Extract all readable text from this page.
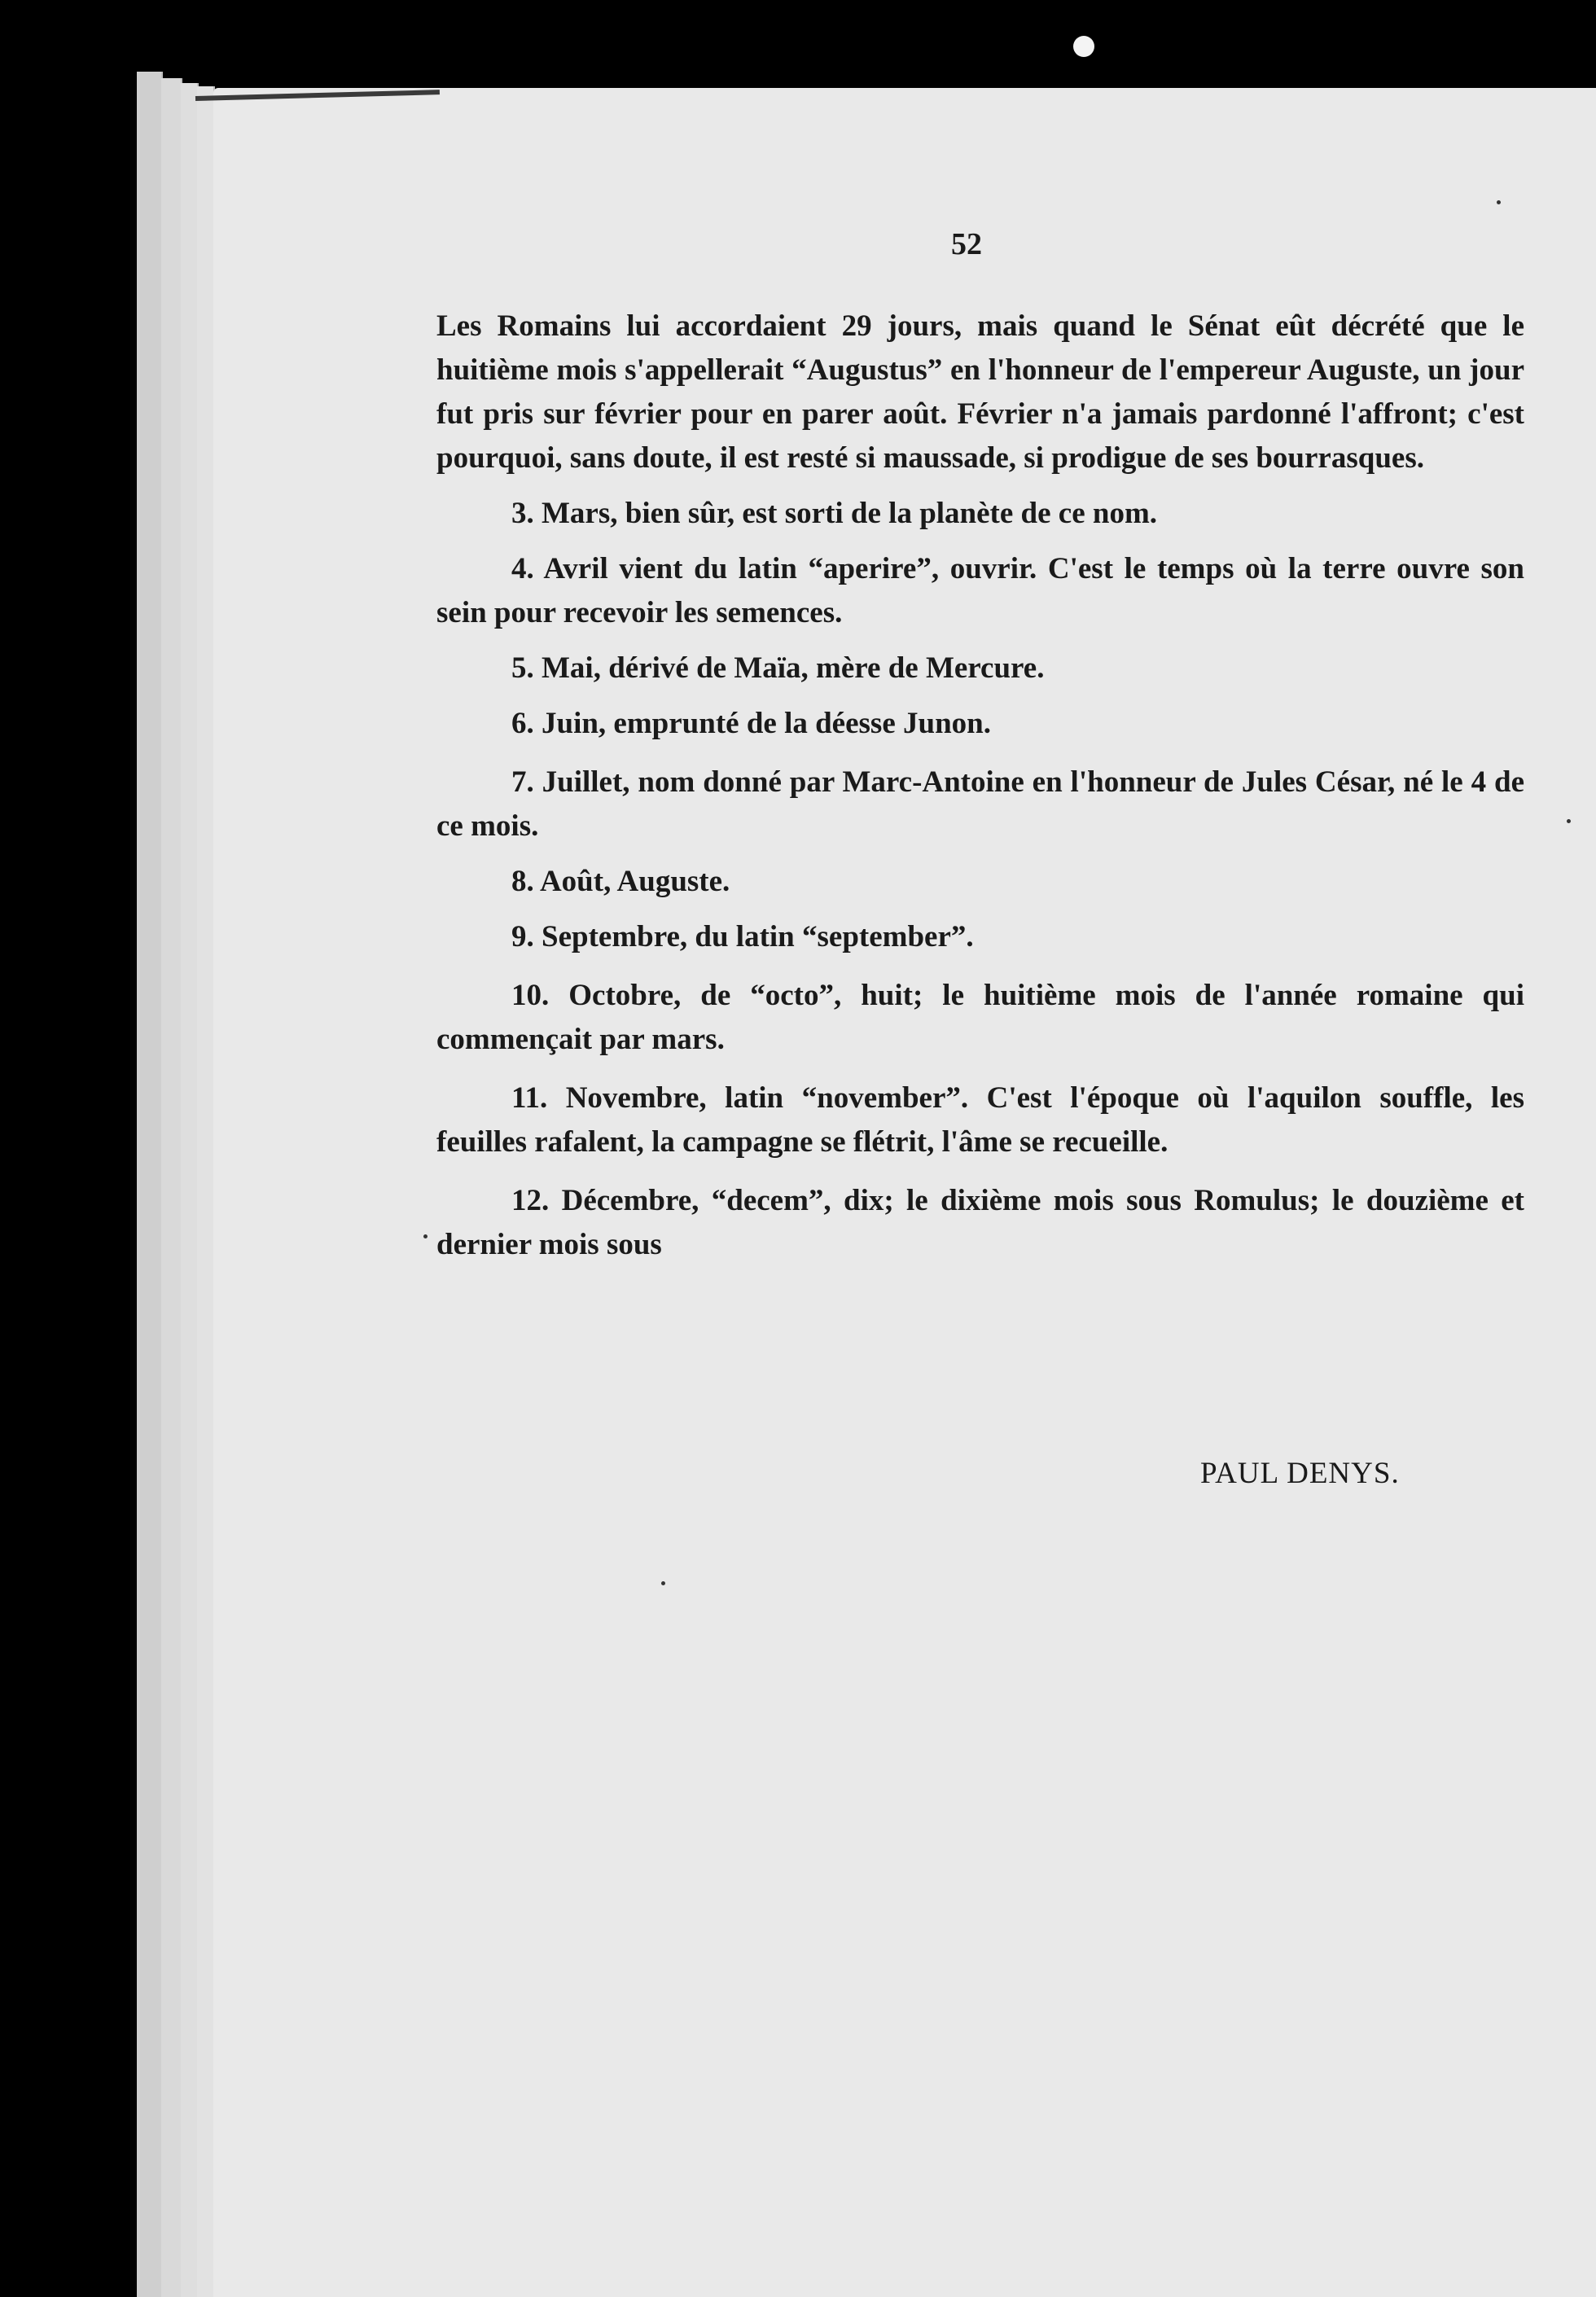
52

Les Romains lui accordaient 29 jours, mais quand le Sénat eût décrété que le huitième mois s'appellerait “Augustus” en l'honneur de l'empereur Auguste, un jour fut pris sur février pour en parer août. Février n'a jamais pardonné l'affront; c'est pourquoi, sans doute, il est resté si maussade, si prodigue de ses bourrasques.

3. Mars, bien sûr, est sorti de la planète de ce nom.

4. Avril vient du latin “aperire”, ouvrir. C'est le temps où la terre ouvre son sein pour recevoir les semences.

5. Mai, dérivé de Maïa, mère de Mercure.

6. Juin, emprunté de la déesse Junon.

7. Juillet, nom donné par Marc-Antoine en l'honneur de Jules César, né le 4 de ce mois.

8. Août, Auguste.

9. Septembre, du latin “september”.

10. Octobre, de “octo”, huit; le huitième mois de l'année romaine qui commençait par mars.

11. Novembre, latin “november”. C'est l'époque où l'aquilon souffle, les feuilles rafalent, la campagne se flétrit, l'âme se recueille.

12. Décembre, “decem”, dix; le dixième mois sous Romulus; le douzième et dernier mois sous

PAUL DENYS.
